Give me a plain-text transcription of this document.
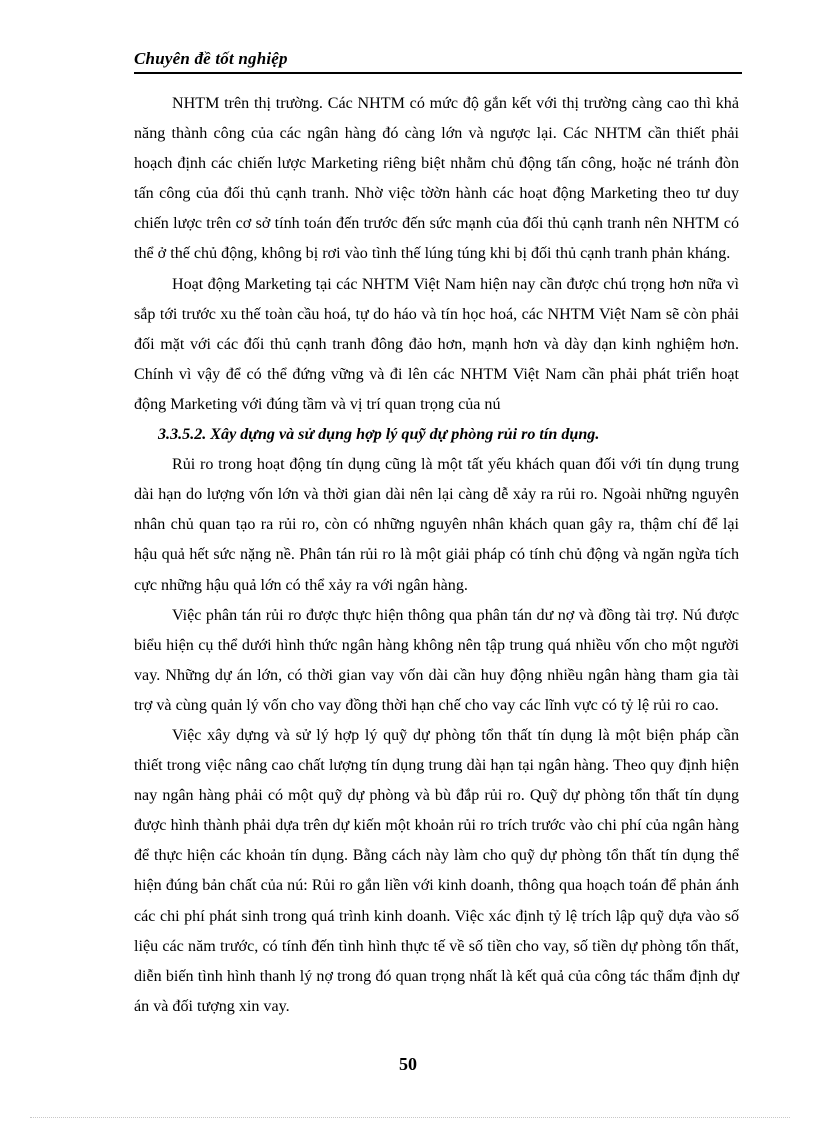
Chuyên đề tốt nghiệp

NHTM trên thị trường. Các NHTM có mức độ gắn kết với thị trường càng cao thì khả năng thành công của các ngân hàng đó càng lớn và ngược lại. Các NHTM cần thiết phải hoạch định các chiến lược Marketing riêng biệt nhằm chủ động tấn công, hoặc né tránh đòn tấn công của đối thủ cạnh tranh. Nhờ việc tờờn hành các hoạt động Marketing theo tư duy chiến lược trên cơ sở tính toán đến trước đến sức mạnh của đối thủ cạnh tranh nên NHTM có thể ở thế chủ động, không bị rơi vào tình thế lúng túng khi bị đối thủ cạnh tranh phản kháng.

Hoạt động Marketing tại các NHTM Việt Nam hiện nay cần được chú trọng hơn nữa vì sắp tới trước xu thế toàn cầu hoá, tự do háo và tín học hoá, các NHTM Việt Nam sẽ còn phải đối mặt với các đối thủ cạnh tranh đông đảo hơn, mạnh hơn và dày dạn kinh nghiệm hơn. Chính vì vậy để có thể đứng vững và đi lên các NHTM Việt Nam cần phải phát triển hoạt động Marketing với đúng tầm và vị trí quan trọng của nú

3.3.5.2. Xây dựng và sử dụng hợp lý quỹ dự phòng rủi ro tín dụng.

Rủi ro trong hoạt động tín dụng cũng là một tất yếu khách quan đối với tín dụng trung dài hạn do lượng vốn lớn và thời gian dài nên lại càng dễ xảy ra rủi ro. Ngoài những nguyên nhân chủ quan tạo ra rủi ro, còn có những nguyên nhân khách quan gây ra, thậm chí để lại hậu quả hết sức nặng nề. Phân tán rủi ro là một giải pháp có tính chủ động và ngăn ngừa tích cực những hậu quả lớn có thể xảy ra với ngân hàng.

Việc phân tán rủi ro được thực hiện thông qua phân tán dư nợ và đồng tài trợ. Nú được biểu hiện cụ thể dưới hình thức ngân hàng không nên tập trung quá nhiều vốn cho một người vay. Những dự án lớn, có thời gian vay vốn dài cần huy động nhiều ngân hàng tham gia tài trợ và cùng quản lý vốn cho vay đồng thời hạn chế cho vay các lĩnh vực có tỷ lệ rủi ro cao.

Việc xây dựng và sử lý hợp lý quỹ dự phòng tổn thất tín dụng là một biện pháp cần thiết trong việc nâng cao chất lượng tín dụng trung dài hạn tại ngân hàng. Theo quy định hiện nay ngân hàng phải có một quỹ dự phòng và bù đắp rủi ro. Quỹ dự phòng tổn thất tín dụng được hình thành phải dựa trên dự kiến một khoản rủi ro trích trước vào chi phí của ngân hàng để thực hiện các khoản tín dụng. Bằng cách này làm cho quỹ dự phòng tổn thất tín dụng thể hiện đúng bản chất của nú: Rủi ro gắn liền với kinh doanh, thông qua hoạch toán để phản ánh các chi phí phát sinh trong quá trình kinh doanh. Việc xác định tỷ lệ trích lập quỹ dựa vào số liệu các năm trước, có tính đến tình hình thực tế về số tiền cho vay, số tiền dự phòng tổn thất, diễn biến tình hình thanh lý nợ trong đó quan trọng nhất là kết quả của công tác thẩm định dự án và đối tượng xin vay.

50
